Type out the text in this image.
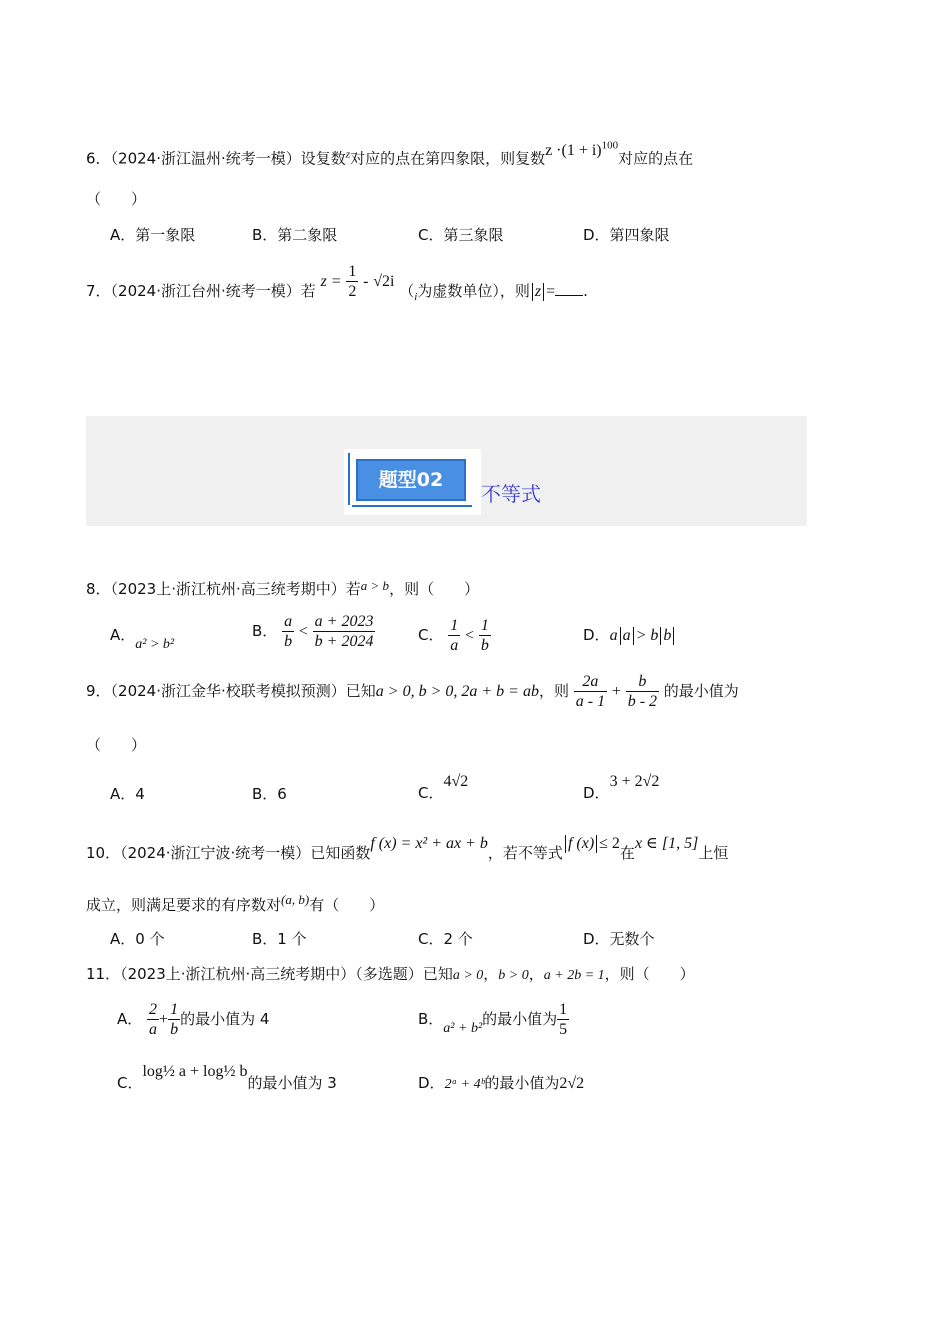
6．（2024·浙江温州·统考一模）设复数$^z$对应的点在第四象限，则复数$z \cdot(1 + i)^{100}$对应的点在
（　　）
A．第一象限	B．第二象限	C．第三象限	D．第四象限
7．（2024·浙江台州·统考一模）若 $z = \frac{1}{2} - √2i$ （$_i$为虚数单位），则 z = .
题型02
不等式
8．（2023上·浙江杭州·高三统考期中）若a > b，则（　　）
A．a² > b²
B． $\frac{a}{b} < \frac{a + 2023}{b + 2024}$	C． $\frac{1}{a} < \frac{1}{b}$	D．a a > b b
9．（2024·浙江金华·校联考模拟预测）已知a > 0, b > 0, 2a + b = ab，则 $\frac{2a}{a - 1} + \frac{b}{b - 2}$ 的最小值为
（　　）
A．4	B．6	C．4√2
D．3 + 2√2
10．（2024·浙江宁波·统考一模）已知函数f (x) = x² + ax + b，若不等式f (x) ≤ 2在x ∈ [1, 5]上恒
成立，则满足要求的有序数对(a, b)有（　　）
A．0 个	B．1 个	C．2 个	D．无数个
11．（2023上·浙江杭州·高三统考期中）（多选题）已知a > 0，b > 0，a + 2b = 1，则（　　）
A． $\frac{2}{a} + \frac{1}{b}$ 的最小值为 4	B．a² + b²的最小值为 $\frac{1}{5}$
C．log½ a + log½ b的最小值为 3	D．2ᵃ + 4ᵇ的最小值为2√2
